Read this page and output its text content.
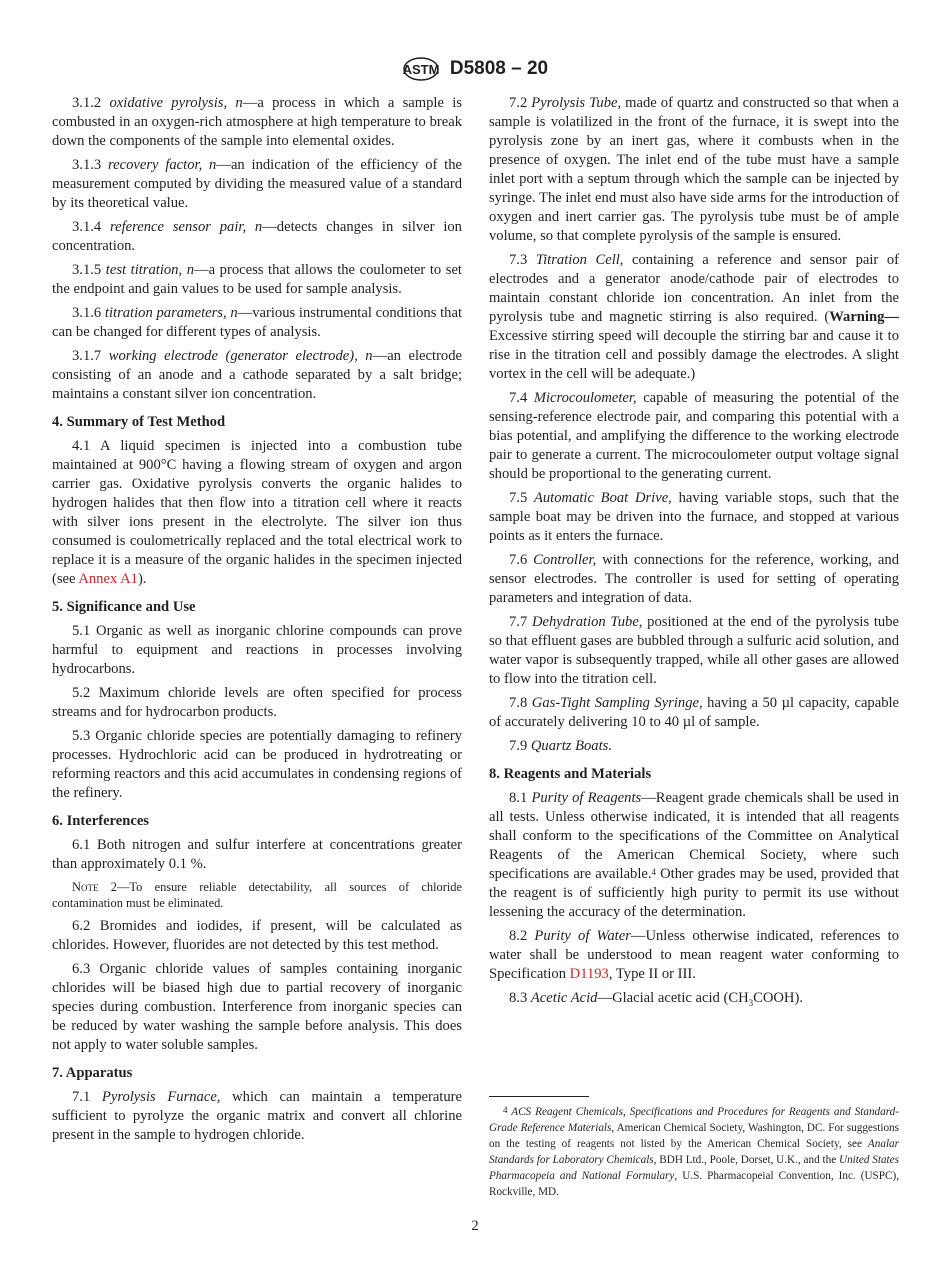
ASTM D5808 – 20

3.1.2 oxidative pyrolysis, n—a process in which a sample is combusted in an oxygen-rich atmosphere at high temperature to break down the components of the sample into elemental oxides.

3.1.3 recovery factor, n—an indication of the efficiency of the measurement computed by dividing the measured value of a standard by its theoretical value.

3.1.4 reference sensor pair, n—detects changes in silver ion concentration.

3.1.5 test titration, n—a process that allows the coulometer to set the endpoint and gain values to be used for sample analysis.

3.1.6 titration parameters, n—various instrumental conditions that can be changed for different types of analysis.

3.1.7 working electrode (generator electrode), n—an electrode consisting of an anode and a cathode separated by a salt bridge; maintains a constant silver ion concentration.

4. Summary of Test Method

4.1 A liquid specimen is injected into a combustion tube maintained at 900°C having a flowing stream of oxygen and argon carrier gas. Oxidative pyrolysis converts the organic halides to hydrogen halides that then flow into a titration cell where it reacts with silver ions present in the electrolyte. The silver ion thus consumed is coulometrically replaced and the total electrical work to replace it is a measure of the organic halides in the specimen injected (see Annex A1).

5. Significance and Use

5.1 Organic as well as inorganic chlorine compounds can prove harmful to equipment and reactions in processes involving hydrocarbons.

5.2 Maximum chloride levels are often specified for process streams and for hydrocarbon products.

5.3 Organic chloride species are potentially damaging to refinery processes. Hydrochloric acid can be produced in hydrotreating or reforming reactors and this acid accumulates in condensing regions of the refinery.

6. Interferences

6.1 Both nitrogen and sulfur interfere at concentrations greater than approximately 0.1 %.

Note 2—To ensure reliable detectability, all sources of chloride contamination must be eliminated.

6.2 Bromides and iodides, if present, will be calculated as chlorides. However, fluorides are not detected by this test method.

6.3 Organic chloride values of samples containing inorganic chlorides will be biased high due to partial recovery of inorganic species during combustion. Interference from inorganic species can be reduced by water washing the sample before analysis. This does not apply to water soluble samples.

7. Apparatus

7.1 Pyrolysis Furnace, which can maintain a temperature sufficient to pyrolyze the organic matrix and convert all chlorine present in the sample to hydrogen chloride.

7.2 Pyrolysis Tube, made of quartz and constructed so that when a sample is volatilized in the front of the furnace, it is swept into the pyrolysis zone by an inert gas, where it combusts when in the presence of oxygen. The inlet end of the tube must have a sample inlet port with a septum through which the sample can be injected by syringe. The inlet end must also have side arms for the introduction of oxygen and inert carrier gas. The pyrolysis tube must be of ample volume, so that complete pyrolysis of the sample is ensured.

7.3 Titration Cell, containing a reference and sensor pair of electrodes and a generator anode/cathode pair of electrodes to maintain constant chloride ion concentration. An inlet from the pyrolysis tube and magnetic stirring is also required. (Warning—Excessive stirring speed will decouple the stirring bar and cause it to rise in the titration cell and possibly damage the electrodes. A slight vortex in the cell will be adequate.)

7.4 Microcoulometer, capable of measuring the potential of the sensing-reference electrode pair, and comparing this potential with a bias potential, and amplifying the difference to the working electrode pair to generate a current. The microcoulometer output voltage signal should be proportional to the generating current.

7.5 Automatic Boat Drive, having variable stops, such that the sample boat may be driven into the furnace, and stopped at various points as it enters the furnace.

7.6 Controller, with connections for the reference, working, and sensor electrodes. The controller is used for setting of operating parameters and integration of data.

7.7 Dehydration Tube, positioned at the end of the pyrolysis tube so that effluent gases are bubbled through a sulfuric acid solution, and water vapor is subsequently trapped, while all other gases are allowed to flow into the titration cell.

7.8 Gas-Tight Sampling Syringe, having a 50 µl capacity, capable of accurately delivering 10 to 40 µl of sample.

7.9 Quartz Boats.

8. Reagents and Materials

8.1 Purity of Reagents—Reagent grade chemicals shall be used in all tests. Unless otherwise indicated, it is intended that all reagents shall conform to the specifications of the Committee on Analytical Reagents of the American Chemical Society, where such specifications are available.$^4$ Other grades may be used, provided that the reagent is of sufficiently high purity to permit its use without lessening the accuracy of the determination.

8.2 Purity of Water—Unless otherwise indicated, references to water shall be understood to mean reagent water conforming to Specification D1193, Type II or III.

8.3 Acetic Acid—Glacial acetic acid $(CH_3COOH)$.

$^4$ ACS Reagent Chemicals, Specifications and Procedures for Reagents and Standard-Grade Reference Materials, American Chemical Society, Washington, DC. For suggestions on the testing of reagents not listed by the American Chemical Society, see Analar Standards for Laboratory Chemicals, BDH Ltd., Poole, Dorset, U.K., and the United States Pharmacopeia and National Formulary, U.S. Pharmacopeial Convention, Inc. (USPC), Rockville, MD.

2
